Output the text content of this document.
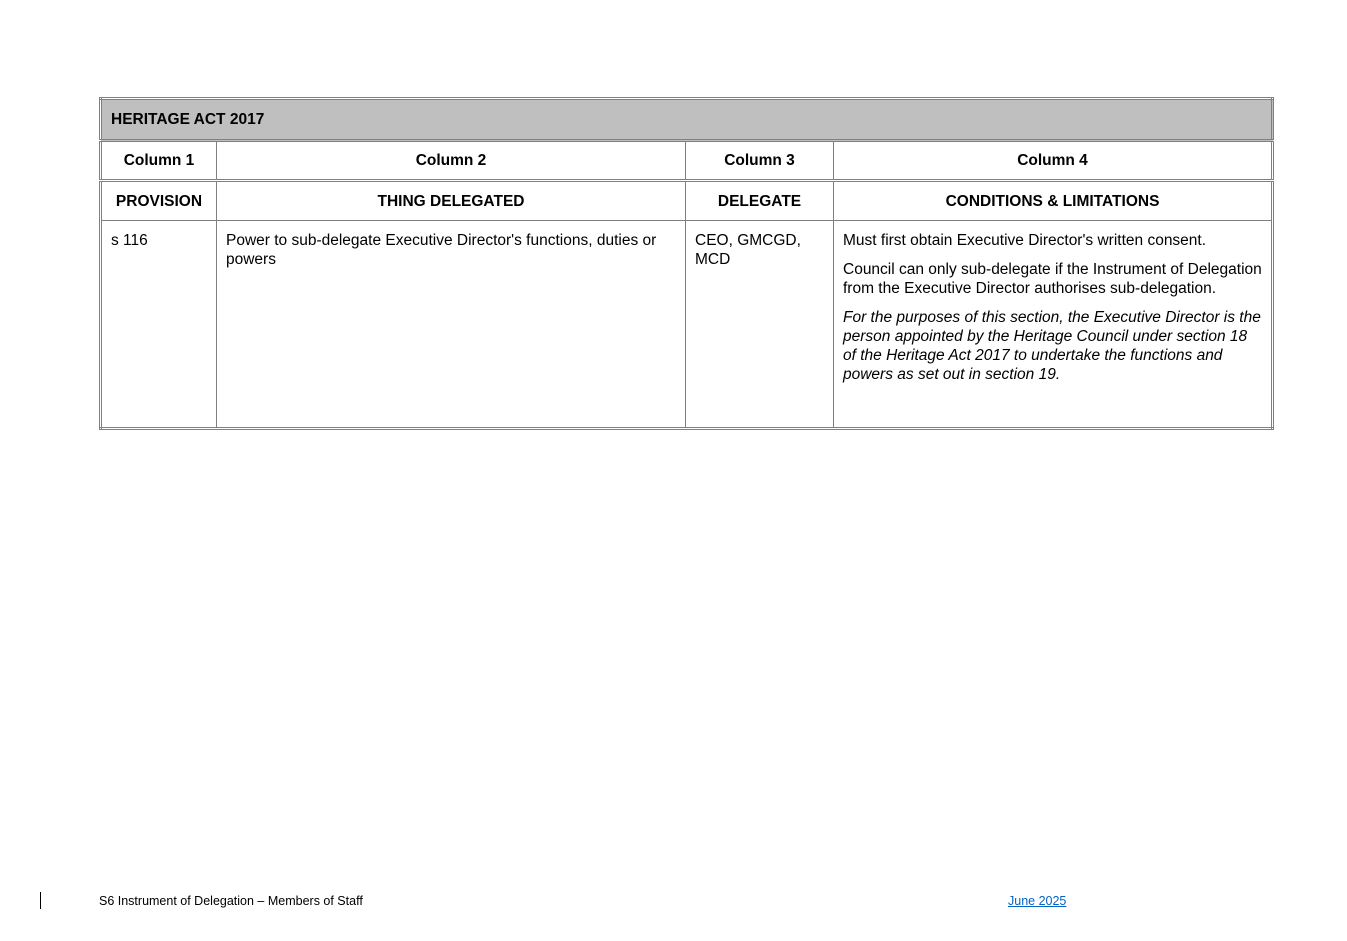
HERITAGE ACT 2017			
Column 1	Column 2	Column 3	Column 4
PROVISION	THING DELEGATED	DELEGATE	CONDITIONS & LIMITATIONS
s 116	Power to sub-delegate Executive Director's functions, duties or powers	CEO, GMCGD, MCD	Must first obtain Executive Director's written consent.

Council can only sub-delegate if the Instrument of Delegation from the Executive Director authorises sub-delegation.

For the purposes of this section, the Executive Director is the person appointed by the Heritage Council under section 18 of the Heritage Act 2017 to undertake the functions and powers as set out in section 19.

S6 Instrument of Delegation – Members of Staff	June 2025
